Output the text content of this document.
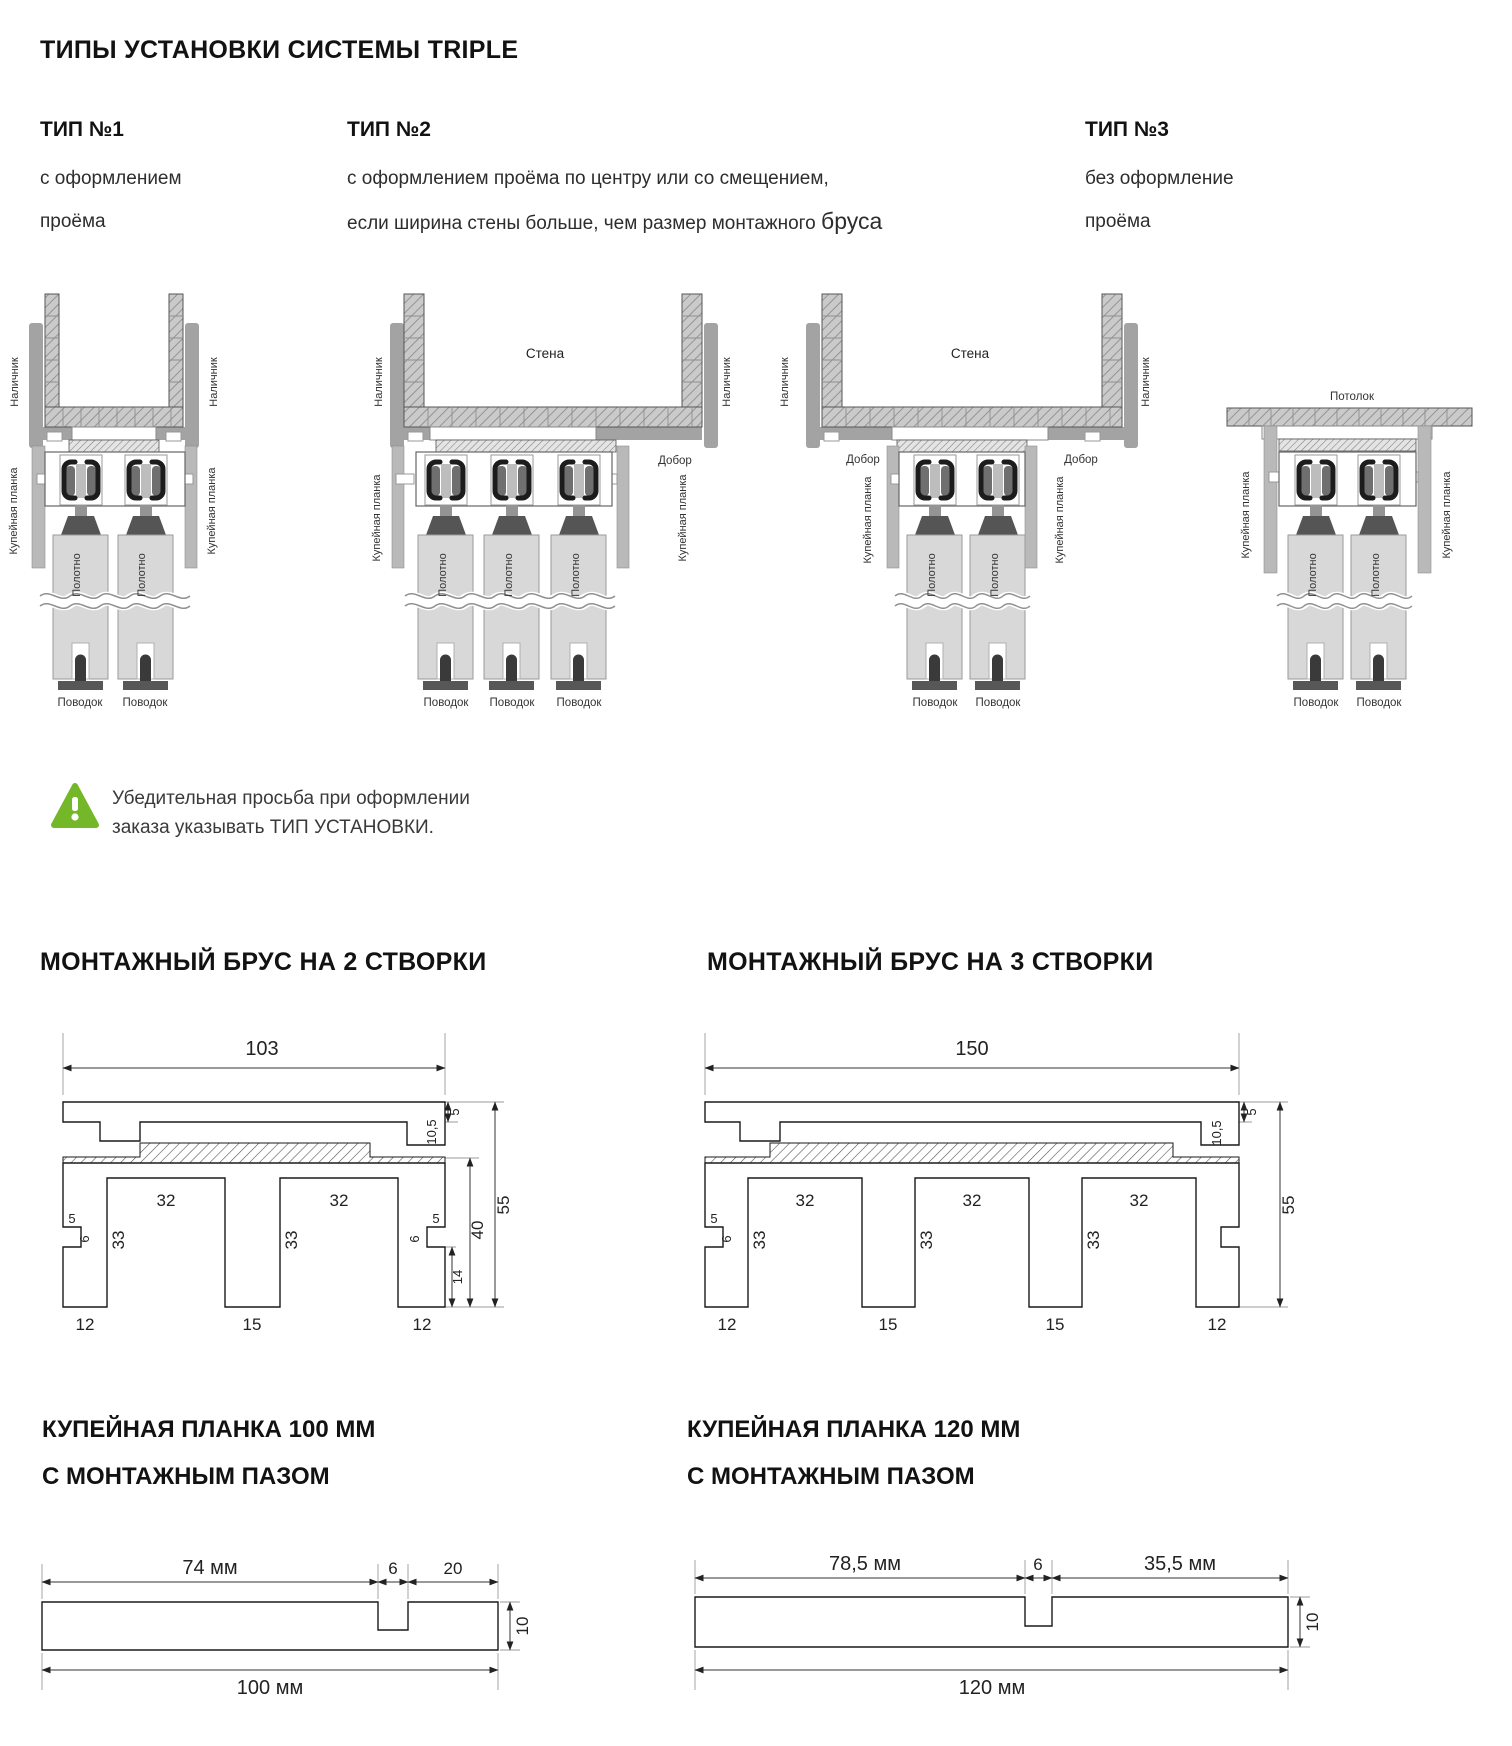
ТИПЫ УСТАНОВКИ СИСТЕМЫ TRIPLE
ТИП №1
с оформлением
проёма
ТИП №2
с оформлением проёма по центру или со смещением,
если ширина стены больше, чем размер монтажного бруса
ТИП №3
без оформление
проёма
Наличник	Наличник
Купейная планка	Купейная планка
Полотно	Полотно
Поводок Поводок
Стена
Добор
Наличник	Наличник
Купейная планка	Купейная планка
Полотно	Полотно	Полотно
Поводок Поводок Поводок
Стена
Добор	Добор
Наличник	Наличник
Купейная планка	Купейная планка
Полотно	Полотно
Поводок Поводок
Потолок
Купейная планка	Купейная планка
Полотно	Полотно
Поводок Поводок
Убедительная просьба при оформлении
заказа указывать ТИП УСТАНОВКИ.
МОНТАЖНЫЙ БРУС НА 2 СТВОРКИ	МОНТАЖНЫЙ БРУС НА 3 СТВОРКИ
103
32	32
33	33
5
6
5
6
12	15	12
5
10,5
14
40
55
150
32	32	32
33	33	33
5
6
12	15	15	12
5
10,5
55
КУПЕЙНАЯ ПЛАНКА 100 ММ
С МОНТАЖНЫМ ПАЗОМ
КУПЕЙНАЯ ПЛАНКА 120 ММ
С МОНТАЖНЫМ ПАЗОМ
74 мм	6	20
10
100 мм
78,5 мм	6	35,5 мм
10
120 мм
